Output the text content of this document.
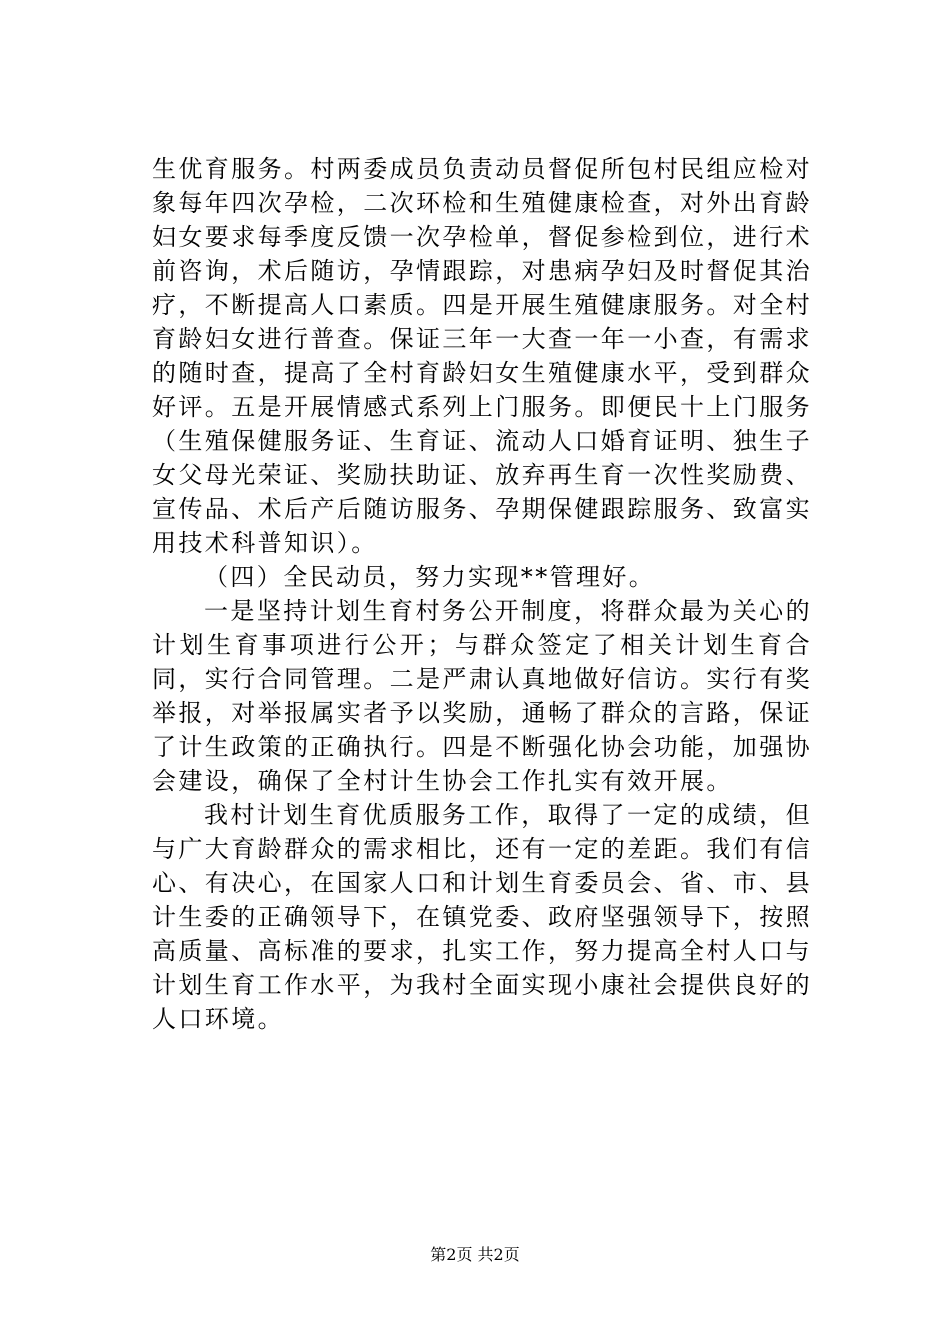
生优育服务。村两委成员负责动员督促所包村民组应检对象每年四次孕检，二次环检和生殖健康检查，对外出育龄妇女要求每季度反馈一次孕检单，督促参检到位，进行术前咨询，术后随访，孕情跟踪，对患病孕妇及时督促其治疗，不断提高人口素质。四是开展生殖健康服务。对全村育龄妇女进行普查。保证三年一大查一年一小查，有需求的随时查，提高了全村育龄妇女生殖健康水平，受到群众好评。五是开展情感式系列上门服务。即便民十上门服务（生殖保健服务证、生育证、流动人口婚育证明、独生子女父母光荣证、奖励扶助证、放弃再生育一次性奖励费、宣传品、术后产后随访服务、孕期保健跟踪服务、致富实用技术科普知识）。

（四）全民动员，努力实现**管理好。

一是坚持计划生育村务公开制度，将群众最为关心的计划生育事项进行公开；与群众签定了相关计划生育合同，实行合同管理。二是严肃认真地做好信访。实行有奖举报，对举报属实者予以奖励，通畅了群众的言路，保证了计生政策的正确执行。四是不断强化协会功能，加强协会建设，确保了全村计生协会工作扎实有效开展。

我村计划生育优质服务工作，取得了一定的成绩，但与广大育龄群众的需求相比，还有一定的差距。我们有信心、有决心，在国家人口和计划生育委员会、省、市、县计生委的正确领导下，在镇党委、政府坚强领导下，按照高质量、高标准的要求，扎实工作，努力提高全村人口与计划生育工作水平，为我村全面实现小康社会提供良好的人口环境。

第2页 共2页
